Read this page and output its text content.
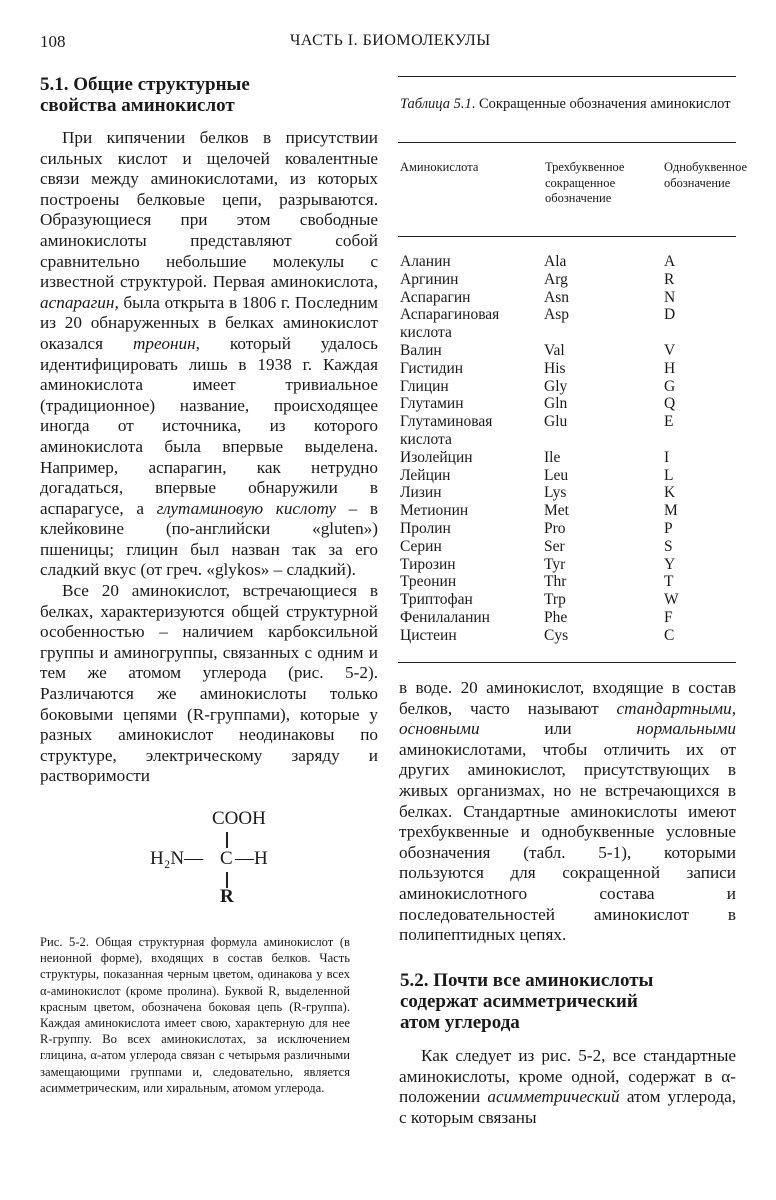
108	ЧАСТЬ I. БИОМОЛЕКУЛЫ
5.1. Общие структурные
свойства аминокислот

При кипячении белков в присутствии сильных кислот и щелочей ковалентные связи между аминокислотами, из которых построены белковые цепи, разрываются. Образующиеся при этом свободные аминокислоты представляют собой сравнительно небольшие молекулы с известной структурой. Первая аминокислота, аспарагин, была открыта в 1806 г. Последним из 20 обнаруженных в белках аминокислот оказался треонин, который удалось идентифицировать лишь в 1938 г. Каждая аминокислота имеет тривиальное (традиционное) название, происходящее иногда от источника, из которого аминокислота была впервые выделена. Например, аспарагин, как нетрудно догадаться, впервые обнаружили в аспарагусе, а глутаминовую кислоту – в клейковине (по-английски «gluten») пшеницы; глицин был назван так за его сладкий вкус (от греч. «glykos» – сладкий).

Все 20 аминокислот, встречающиеся в белках, характеризуются общей структурной особенностью – наличием карбоксильной группы и аминогруппы, связанных с одним и тем же атомом углерода (рис. 5-2). Различаются же аминокислоты только боковыми цепями (R-группами), которые у разных аминокислот неодинаковы по структуре, электрическому заряду и растворимости

COOH
H₂N— C —H
R
Рис. 5-2. Общая структурная формула аминокислот (в неионной форме), входящих в состав белков. Часть структуры, показанная черным цветом, одинакова у всех α-аминокислот (кроме пролина). Буквой R, выделенной красным цветом, обозначена боковая цепь (R-группа). Каждая аминокислота имеет свою, характерную для нее R-группу. Во всех аминокислотах, за исключением глицина, α-атом углерода связан с четырьмя различными замещающими группами и, следовательно, является асимметрическим, или хиральным, атомом углерода.
Таблица 5.1. Сокращенные обозначения аминокислот
Аминокислота	Трехбуквенное сокращенное обозначение
Однобуквенное обозначение
Аланин	Ala	A
Аргинин	Arg	R
Аспарагин	Asn	N
Аспарагиновая кислота	Asp	D
Валин	Val	V
Гистидин	His	H
Глицин	Gly	G
Глутамин	Gln	Q
Глутаминовая кислота	Glu	E
Изолейцин	Ile	I
Лейцин	Leu	L
Лизин	Lys	K
Метионин	Met	M
Пролин	Pro	P
Серин	Ser	S
Тирозин	Tyr	Y
Треонин	Thr	T
Триптофан	Trp	W
Фенилаланин	Phe	F
Цистеин	Cys	C

в воде. 20 аминокислот, входящие в состав белков, часто называют стандартными, основными или нормальными аминокислотами, чтобы отличить их от других аминокислот, присутствующих в живых организмах, но не встречающихся в белках. Стандартные аминокислоты имеют трехбуквенные и однобуквенные условные обозначения (табл. 5-1), которыми пользуются для сокращенной записи аминокислотного состава и последовательностей аминокислот в полипептидных цепях.

5.2. Почти все аминокислоты
содержат асимметрический
атом углерода

Как следует из рис. 5-2, все стандартные аминокислоты, кроме одной, содержат в α-положении асимметрический атом углерода, с которым связаны
